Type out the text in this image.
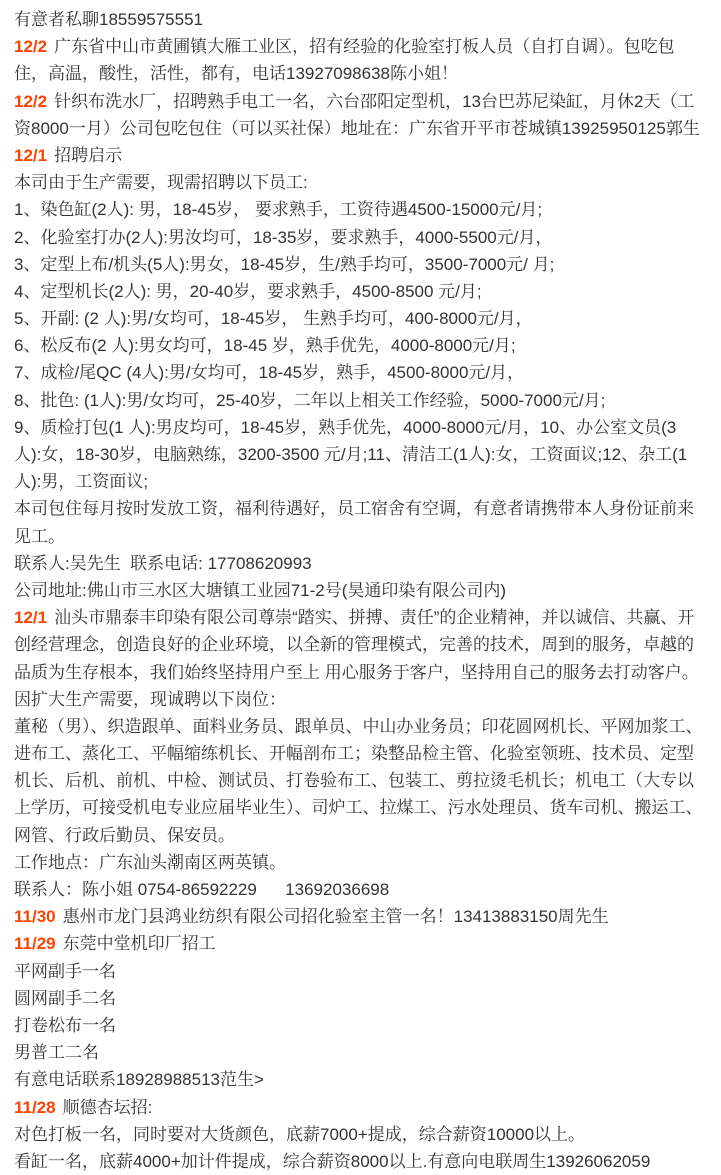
有意者私聊18559575551

12/2 广东省中山市黄圃镇大雁工业区，招有经验的化验室打板人员（自打自调）。包吃包住，高温，酸性，活性，都有，电话13927098638陈小姐！

12/2 针织布洗水厂，招聘熟手电工一名，六台邵阳定型机，13台巴苏尼染缸，月休2天（工资8000一月）公司包吃包住（可以买社保）地址在：广东省开平市苍城镇13925950125郭生

12/1 招聘启示

本司由于生产需要，现需招聘以下员工:

1、染色缸(2人): 男，18-45岁， 要求熟手，工资待遇4500-15000元/月;

2、化验室打办(2人):男汝均可，18-35岁，要求熟手，4000-5500元/月，

3、定型上布/机头(5人):男女，18-45岁，生/熟手均可，3500-7000元/ 月;

4、定型机长(2人): 男，20-40岁，要求熟手，4500-8500 元/月;

5、开副: (2 人):男/女均可，18-45岁， 生熟手均可，400-8000元/月，

6、松反布(2 人):男女均可，18-45 岁，熟手优先，4000-8000元/月;

7、成检/尾QC (4人):男/女均可，18-45岁，熟手，4500-8000元/月，

8、批色: (1人):男/女均可，25-40岁，二年以上相关工作经验，5000-7000元/月;

9、质检打包(1 人):男皮均可，18-45岁，熟手优先，4000-8000元/月，10、办公室文员(3 人):女，18-30岁，电脑熟练，3200-3500 元/月;11、清洁工(1人):女，工资面议;12、杂工(1人):男，工资面议;

本司包住每月按时发放工资，福利待遇好，员工宿舍有空调，有意者请携带本人身份证前来见工。

联系人:吴先生  联系电话: 17708620993

公司地址:佛山市三水区大塘镇工业园71-2号(昊通印染有限公司内)

12/1 汕头市鼎泰丰印染有限公司尊崇“踏实、拼搏、责任”的企业精神，并以诚信、共赢、开创经营理念，创造良好的企业环境，以全新的管理模式，完善的技术，周到的服务，卓越的品质为生存根本，我们始终坚持用户至上 用心服务于客户，坚持用自己的服务去打动客户。

因扩大生产需要，现诚聘以下岗位：

董秘（男）、织造跟单、面料业务员、跟单员、中山办业务员；印花圆网机长、平网加浆工、进布工、蒸化工、平幅缩练机长、开幅剖布工；染整品检主管、化验室领班、技术员、定型机长、后机、前机、中检、测试员、打卷验布工、包装工、剪拉烫毛机长；机电工（大专以上学历，可接受机电专业应届毕业生）、司炉工、拉煤工、污水处理员、货车司机、搬运工、网管、行政后勤员、保安员。

工作地点：广东汕头潮南区两英镇。

联系人：陈小姐 0754-86592229      13692036698

11/30 惠州市龙门县鸿业纺织有限公司招化验室主管一名！13413883150周先生

11/29 东莞中堂机印厂招工

平网副手一名

圆网副手二名

打卷松布一名

男普工二名

有意电话联系18928988513范生>

11/28 顺德杏坛招:

对色打板一名，同时要对大货颜色，底薪7000+提成，综合薪资10000以上。

看缸一名，底薪4000+加计件提成，综合薪资8000以上.有意向电联周生13926062059
